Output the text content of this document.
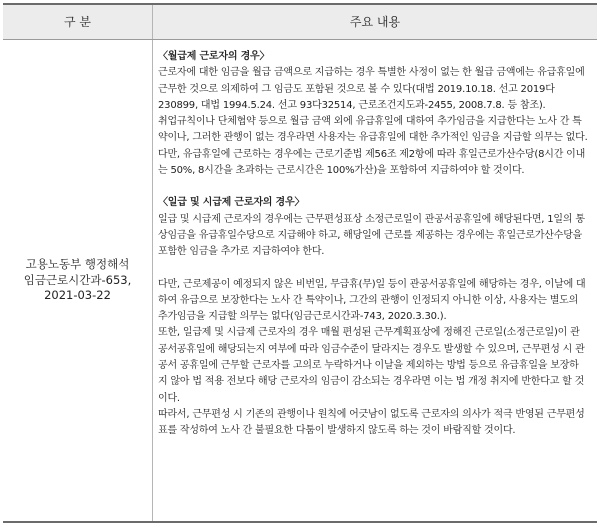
구 분	주요 내용
고용노동부 행정해석
임금근로시간과-653,
2021-03-22

〈월급제 근로자의 경우〉

근로자에 대한 임금을 월급 금액으로 지급하는 경우 특별한 사정이 없는 한 월급 금액에는 유급휴일에 근무한 것으로 의제하여 그 임금도 포함된 것으로 볼 수 있다(대법 2019.10.18. 선고 2019다230899, 대법 1994.5.24. 선고 93다32514, 근로조건지도과-2455, 2008.7.8. 등 참조).

취업규칙이나 단체협약 등으로 월급 금액 외에 유급휴일에 대하여 추가임금을 지급한다는 노사 간 특약이나, 그러한 관행이 없는 경우라면 사용자는 유급휴일에 대한 추가적인 임금을 지급할 의무는 없다.

다만, 유급휴일에 근로하는 경우에는 근로기준법 제56조 제2항에 따라 휴일근로가산수당(8시간 이내는 50%, 8시간을 초과하는 근로시간은 100%가산)을 포함하여 지급하여야 할 것이다.

〈일급 및 시급제 근로자의 경우〉

일급 및 시급제 근로자의 경우에는 근무편성표상 소정근로일이 관공서공휴일에 해당된다면, 1일의 통상임금을 유급휴일수당으로 지급해야 하고, 해당일에 근로를 제공하는 경우에는 휴일근로가산수당을 포함한 임금을 추가로 지급하여야 한다.

다만, 근로제공이 예정되지 않은 비번일, 무급휴(무)일 등이 관공서공휴일에 해당하는 경우, 이날에 대하여 유급으로 보장한다는 노사 간 특약이나, 그간의 관행이 인정되지 아니한 이상, 사용자는 별도의 추가임금을 지급할 의무는 없다(임금근로시간과-743, 2020.3.30.).

또한, 일급제 및 시급제 근로자의 경우 매월 편성된 근무계획표상에 정해진 근로일(소정근로일)이 관공서공휴일에 해당되는지 여부에 따라 임금수준이 달라지는 경우도 발생할 수 있으며, 근무편성 시 관공서 공휴일에 근무할 근로자를 고의로 누락하거나 이날을 제외하는 방법 등으로 유급휴일을 보장하지 않아 법 적용 전보다 해당 근로자의 임금이 감소되는 경우라면 이는 법 개정 취지에 반한다고 할 것이다.

따라서, 근무편성 시 기존의 관행이나 원칙에 어긋남이 없도록 근로자의 의사가 적극 반영된 근무편성표를 작성하여 노사 간 불필요한 다툼이 발생하지 않도록 하는 것이 바람직할 것이다.
